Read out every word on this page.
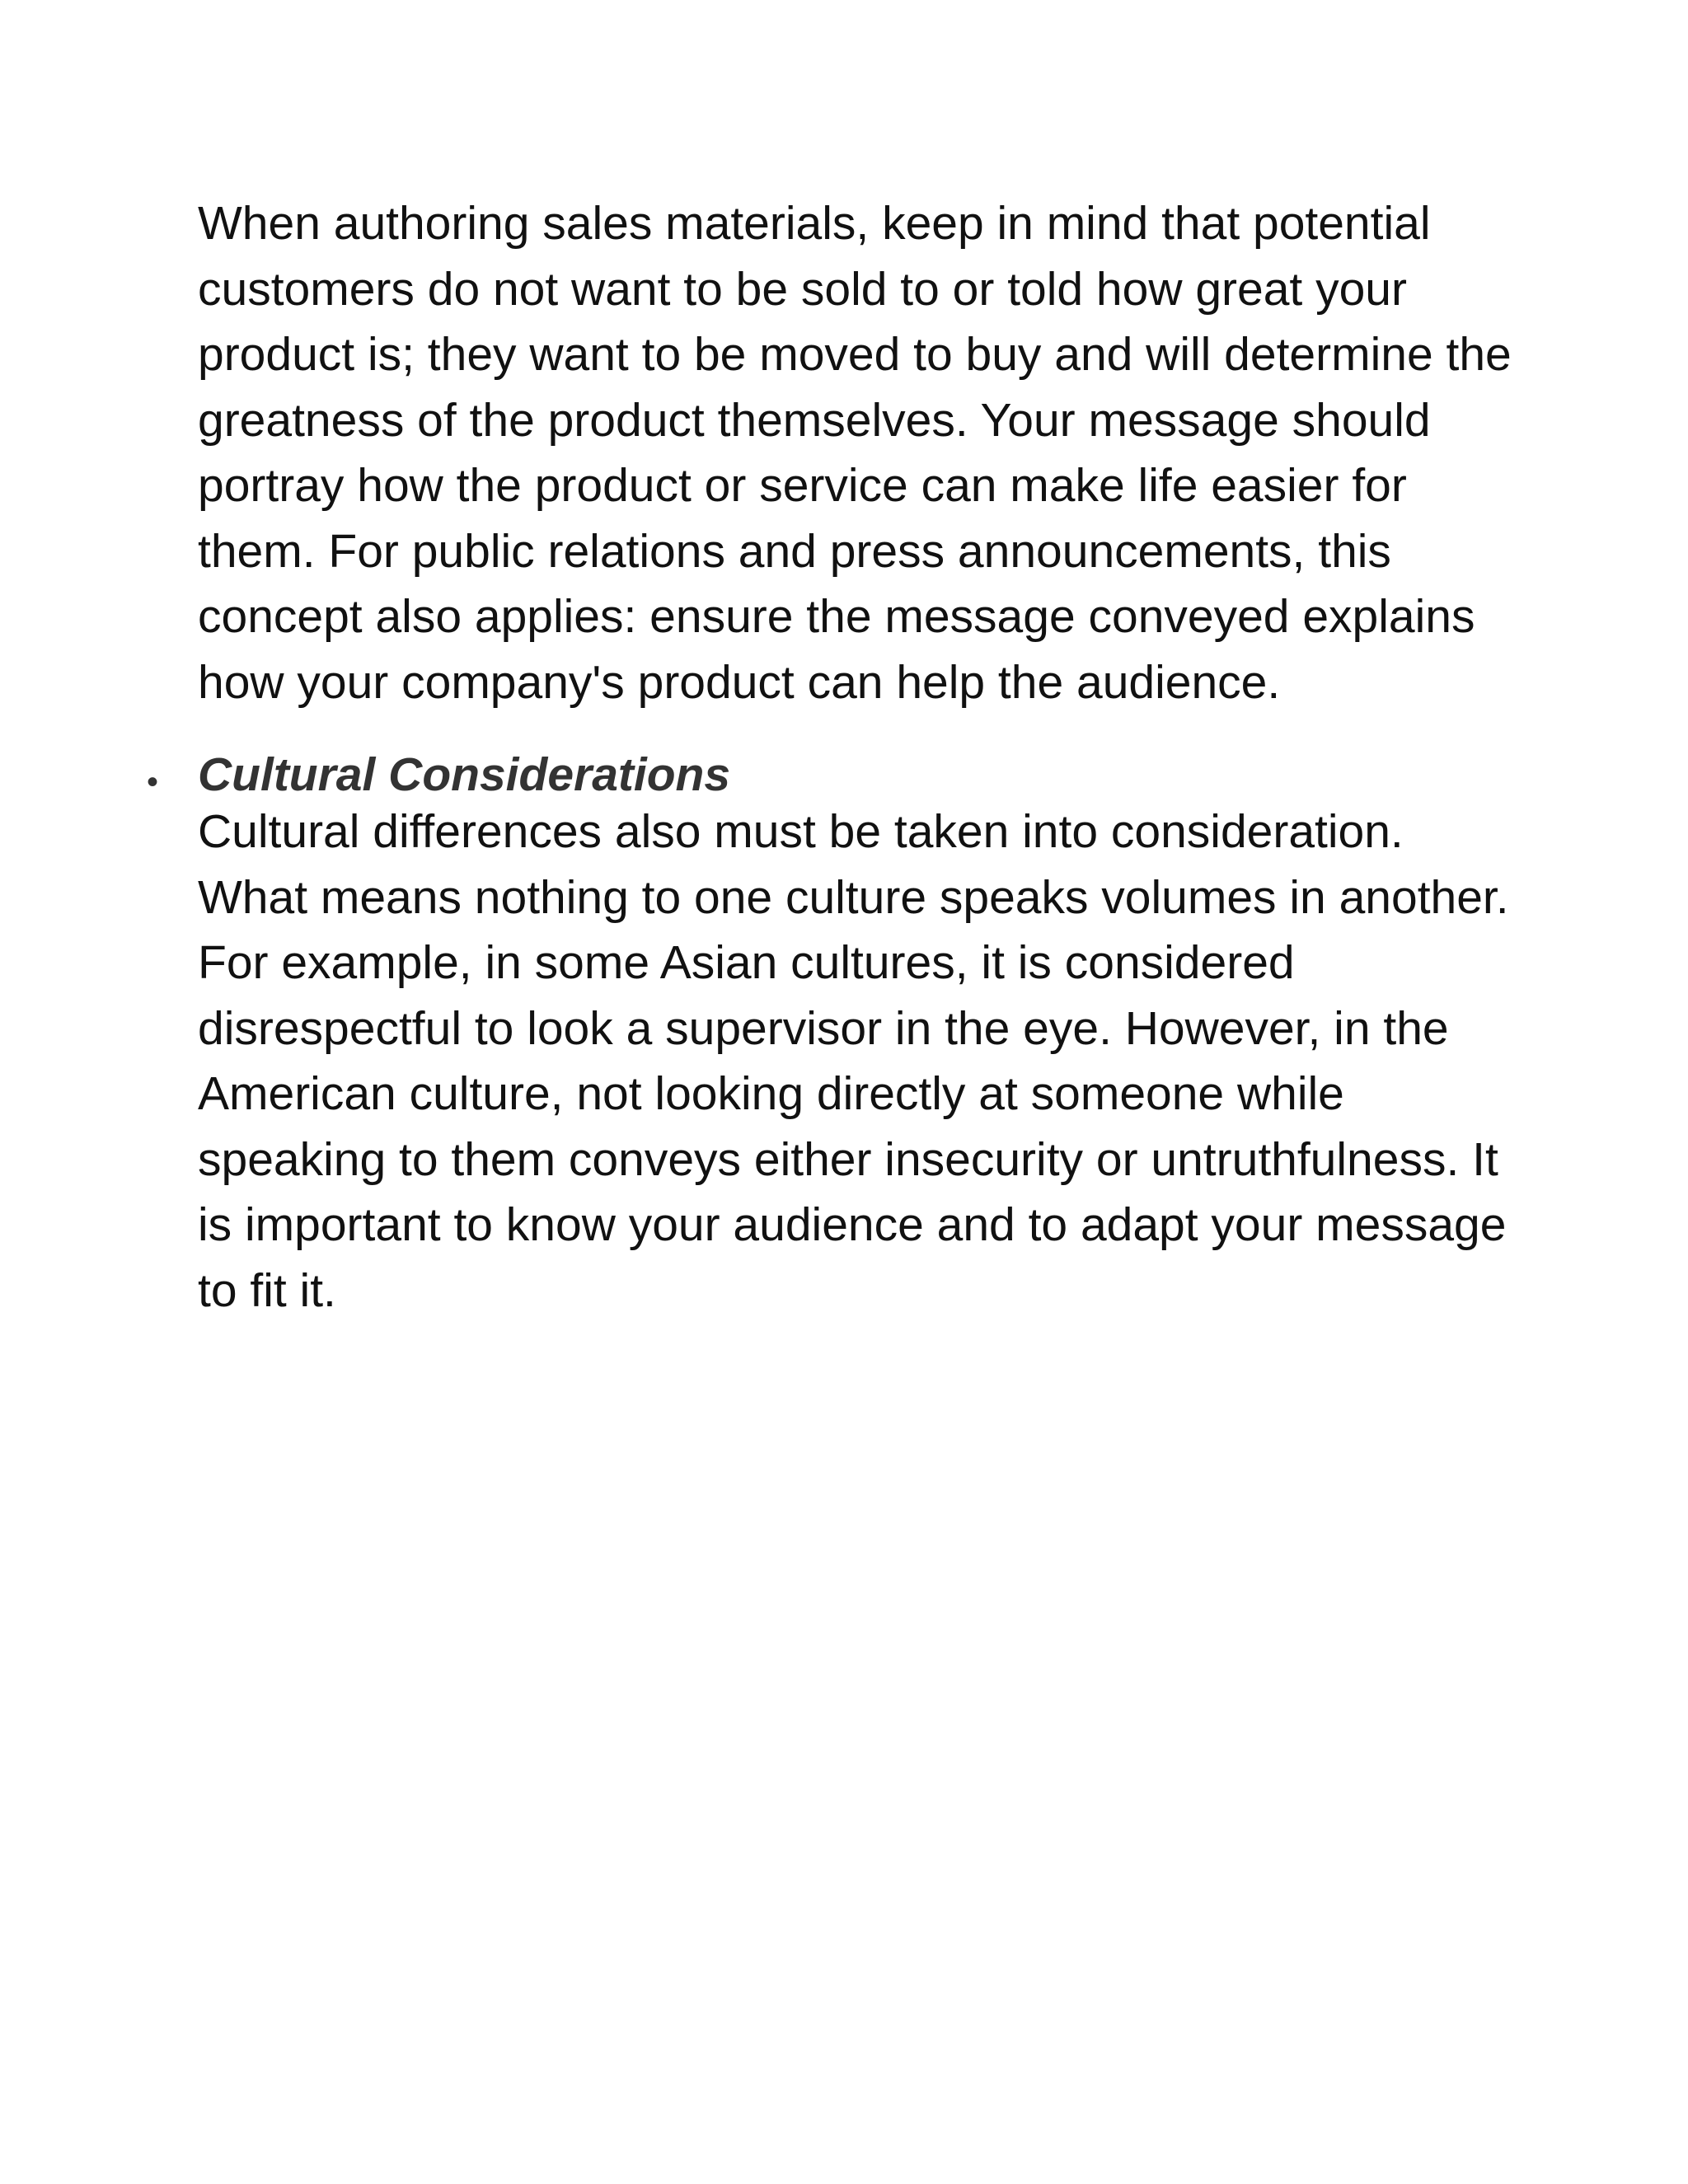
When authoring sales materials, keep in mind that potential customers do not want to be sold to or told how great your product is; they want to be moved to buy and will determine the greatness of the product themselves. Your message should portray how the product or service can make life easier for them. For public relations and press announcements, this concept also applies: ensure the message conveyed explains how your company's product can help the audience.

• Cultural Considerations

Cultural differences also must be taken into consideration. What means nothing to one culture speaks volumes in another. For example, in some Asian cultures, it is considered disrespectful to look a supervisor in the eye. However, in the American culture, not looking directly at someone while speaking to them conveys either insecurity or untruthfulness. It is important to know your audience and to adapt your message to fit it.
